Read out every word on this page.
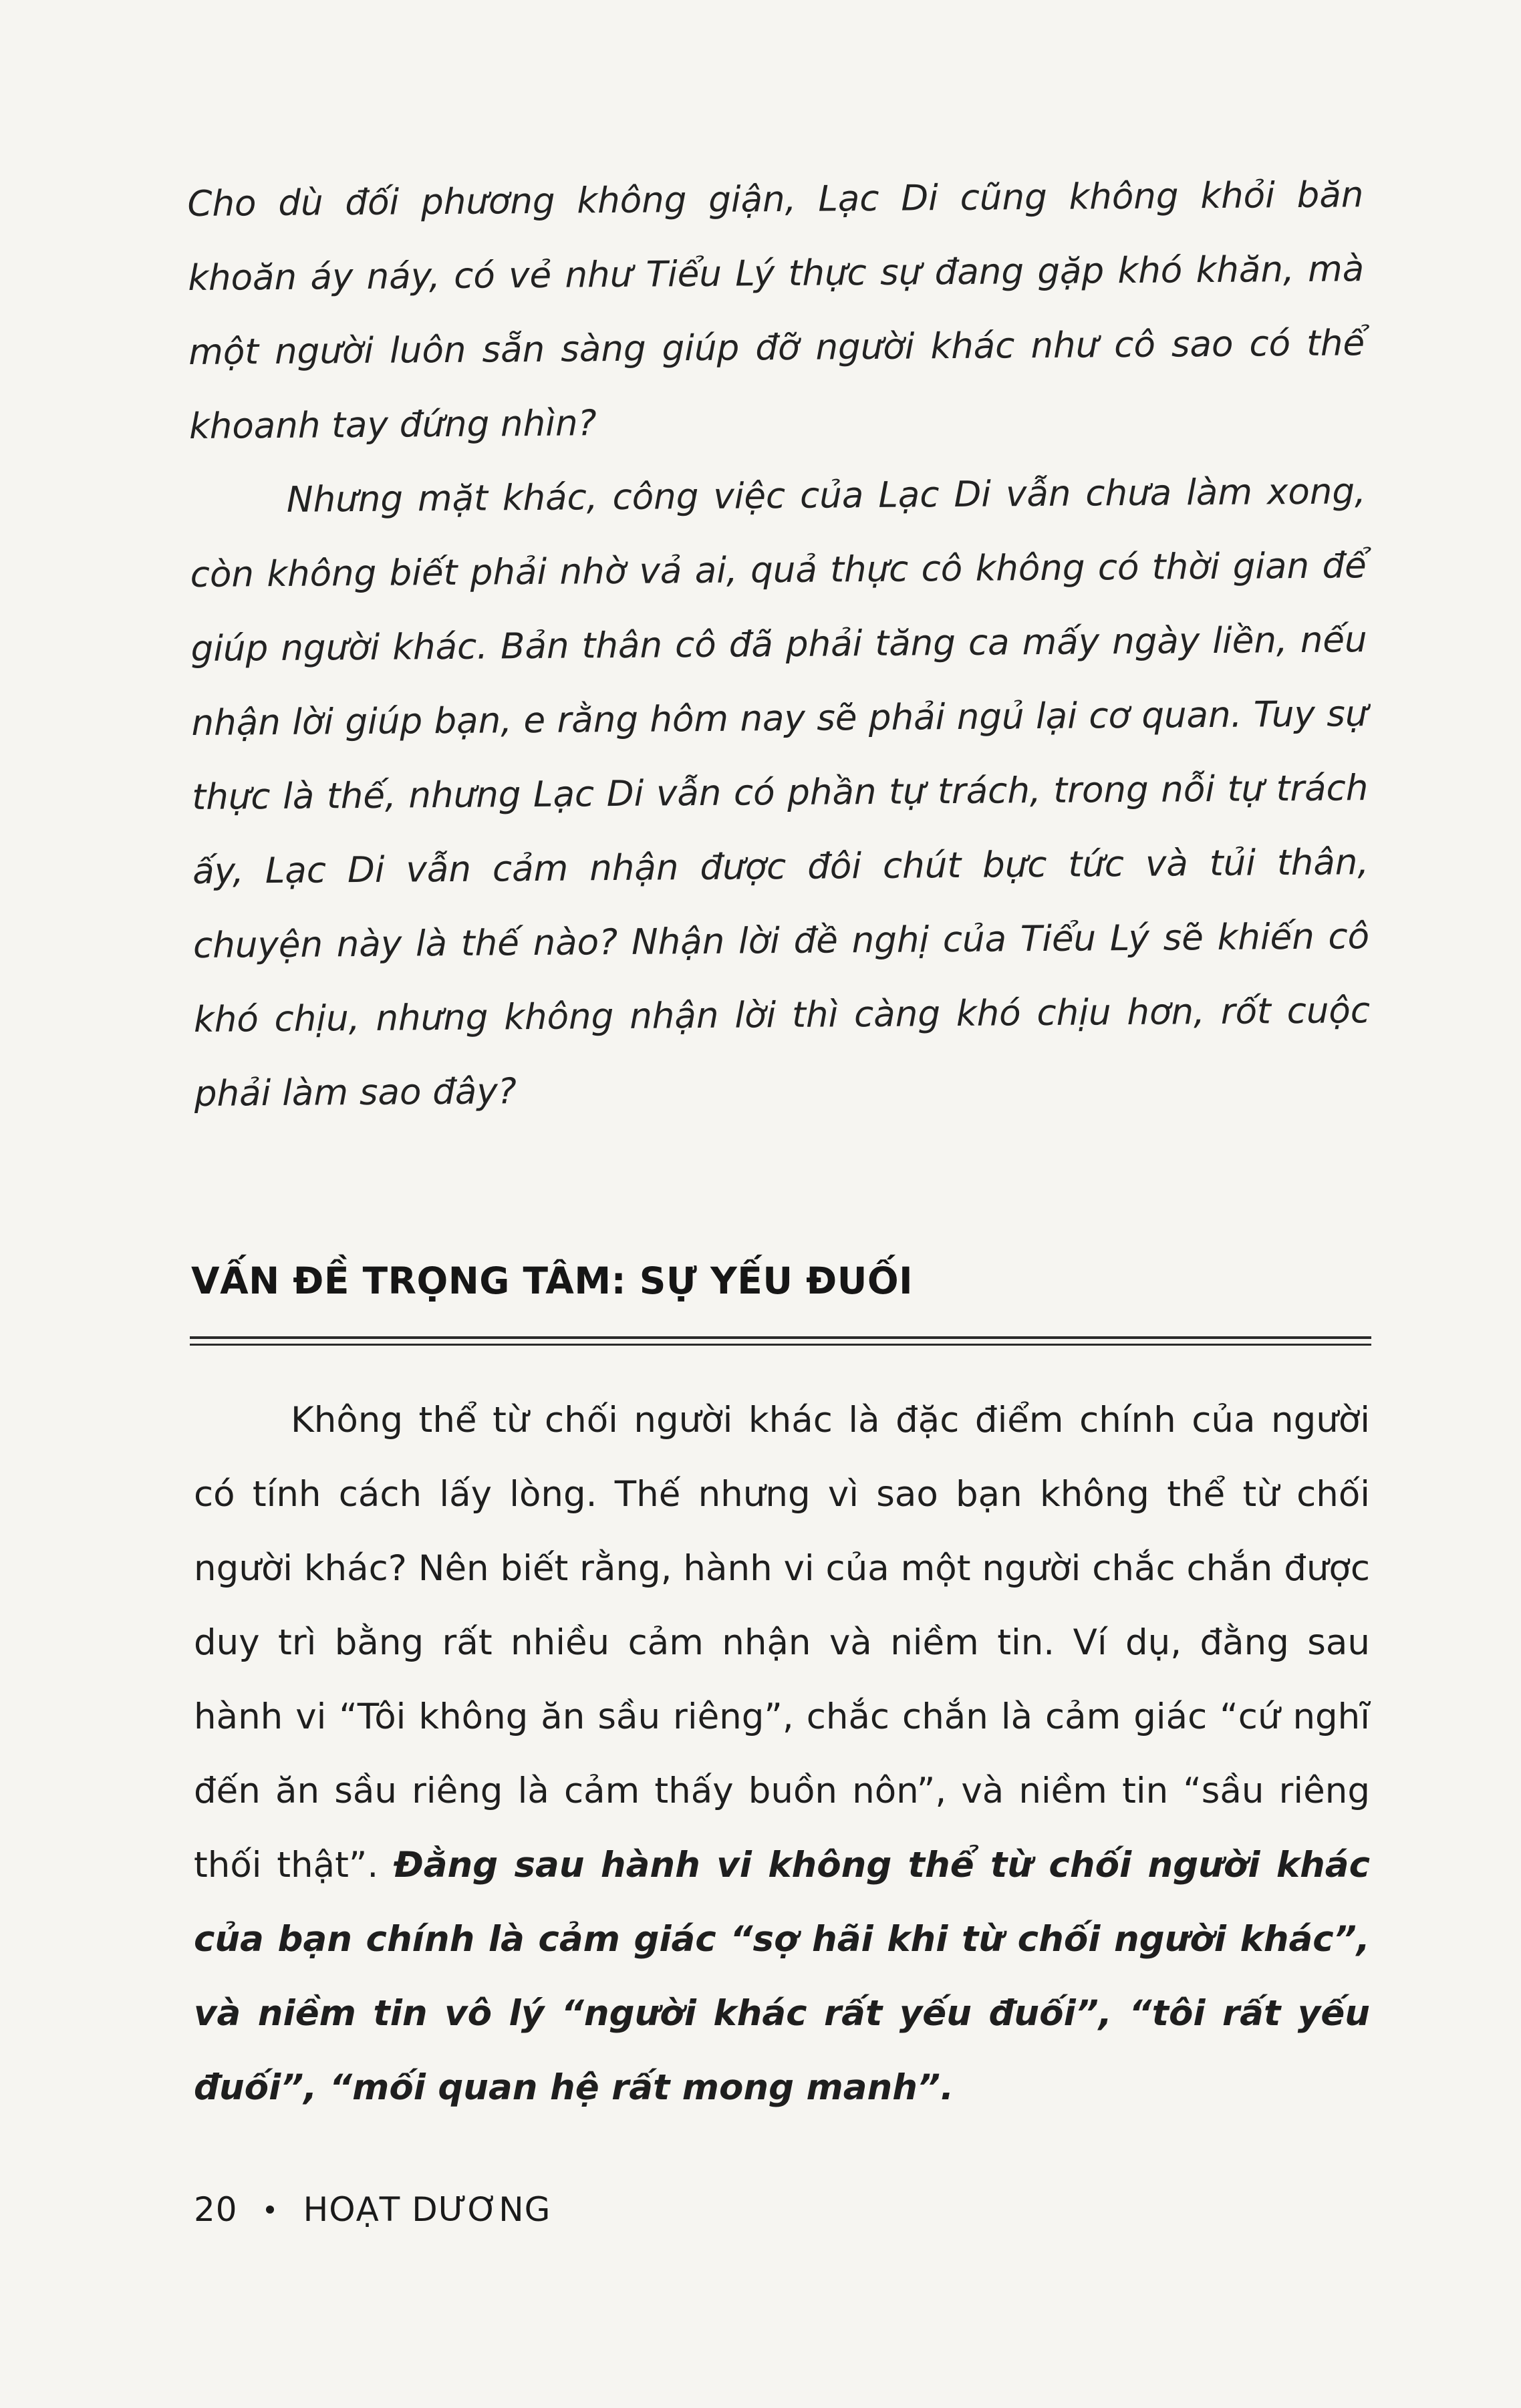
Cho dù đối phương không giận, Lạc Di cũng không khỏi băn khoăn áy náy, có vẻ như Tiểu Lý thực sự đang gặp khó khăn, mà một người luôn sẵn sàng giúp đỡ người khác như cô sao có thể khoanh tay đứng nhìn?

Nhưng mặt khác, công việc của Lạc Di vẫn chưa làm xong, còn không biết phải nhờ vả ai, quả thực cô không có thời gian để giúp người khác. Bản thân cô đã phải tăng ca mấy ngày liền, nếu nhận lời giúp bạn, e rằng hôm nay sẽ phải ngủ lại cơ quan. Tuy sự thực là thế, nhưng Lạc Di vẫn có phần tự trách, trong nỗi tự trách ấy, Lạc Di vẫn cảm nhận được đôi chút bực tức và tủi thân, chuyện này là thế nào? Nhận lời đề nghị của Tiểu Lý sẽ khiến cô khó chịu, nhưng không nhận lời thì càng khó chịu hơn, rốt cuộc phải làm sao đây?

VẤN ĐỀ TRỌNG TÂM: SỰ YẾU ĐUỐI

Không thể từ chối người khác là đặc điểm chính của người có tính cách lấy lòng. Thế nhưng vì sao bạn không thể từ chối người khác? Nên biết rằng, hành vi của một người chắc chắn được duy trì bằng rất nhiều cảm nhận và niềm tin. Ví dụ, đằng sau hành vi “Tôi không ăn sầu riêng”, chắc chắn là cảm giác “cứ nghĩ đến ăn sầu riêng là cảm thấy buồn nôn”, và niềm tin “sầu riêng thối thật”. Đằng sau hành vi không thể từ chối người khác của bạn chính là cảm giác “sợ hãi khi từ chối người khác”, và niềm tin vô lý “người khác rất yếu đuối”, “tôi rất yếu đuối”, “mối quan hệ rất mong manh”.

20 HOẠT DƯƠNG
